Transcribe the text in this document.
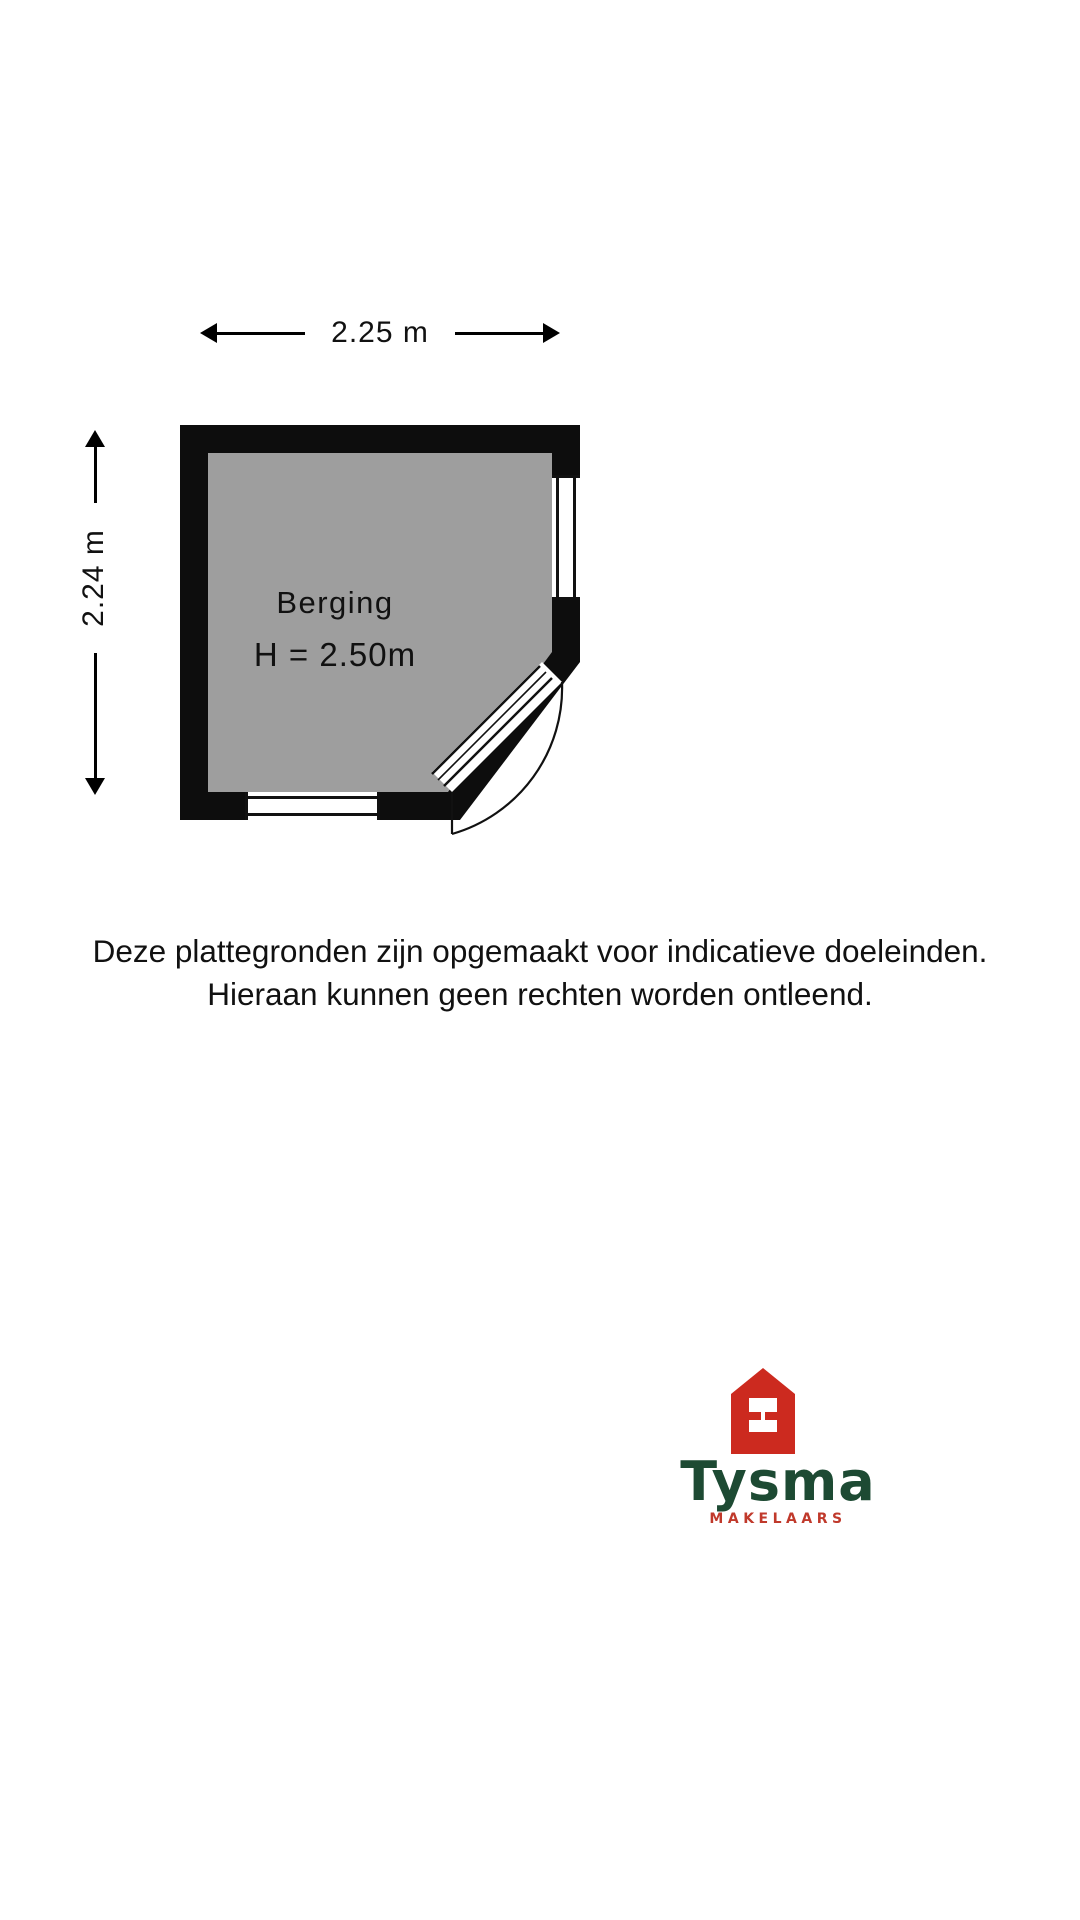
2.25 m
2.24 m	Berging
H = 2.50m
Deze plattegronden zijn opgemaakt voor indicatieve doeleinden.
Hieraan kunnen geen rechten worden ontleend.
Tysma
MAKELAARS
